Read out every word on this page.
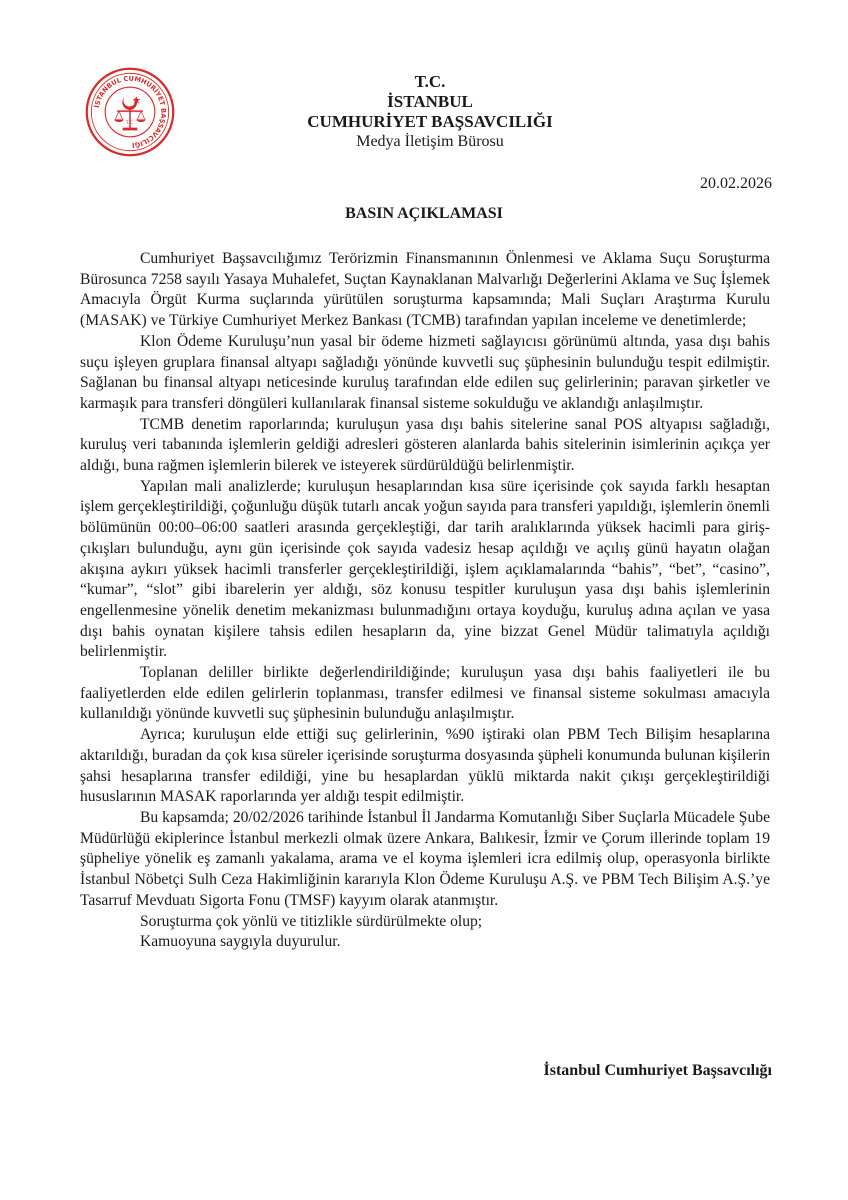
İSTANBUL CUMHURİYET BAŞSAVCILIĞI
T.C.
T.C.
İSTANBUL
CUMHURİYET BAŞSAVCILIĞI
Medya İletişim Bürosu
20.02.2026
BASIN AÇIKLAMASI

Cumhuriyet Başsavcılığımız Terörizmin Finansmanının Önlenmesi ve Aklama Suçu Soruşturma Bürosunca 7258 sayılı Yasaya Muhalefet, Suçtan Kaynaklanan Malvarlığı Değerlerini Aklama ve Suç İşlemek Amacıyla Örgüt Kurma suçlarında yürütülen soruşturma kapsamında; Mali Suçları Araştırma Kurulu (MASAK) ve Türkiye Cumhuriyet Merkez Bankası (TCMB) tarafından yapılan inceleme ve denetimlerde;

Klon Ödeme Kuruluşu’nun yasal bir ödeme hizmeti sağlayıcısı görünümü altında, yasa dışı bahis suçu işleyen gruplara finansal altyapı sağladığı yönünde kuvvetli suç şüphesinin bulunduğu tespit edilmiştir. Sağlanan bu finansal altyapı neticesinde kuruluş tarafından elde edilen suç gelirlerinin; paravan şirketler ve karmaşık para transferi döngüleri kullanılarak finansal sisteme sokulduğu ve aklandığı anlaşılmıştır.

TCMB denetim raporlarında; kuruluşun yasa dışı bahis sitelerine sanal POS altyapısı sağladığı, kuruluş veri tabanında işlemlerin geldiği adresleri gösteren alanlarda bahis sitelerinin isimlerinin açıkça yer aldığı, buna rağmen işlemlerin bilerek ve isteyerek sürdürüldüğü belirlenmiştir.

Yapılan mali analizlerde; kuruluşun hesaplarından kısa süre içerisinde çok sayıda farklı hesaptan işlem gerçekleştirildiği, çoğunluğu düşük tutarlı ancak yoğun sayıda para transferi yapıldığı, işlemlerin önemli bölümünün 00:00–06:00 saatleri arasında gerçekleştiği, dar tarih aralıklarında yüksek hacimli para giriş-çıkışları bulunduğu, aynı gün içerisinde çok sayıda vadesiz hesap açıldığı ve açılış günü hayatın olağan akışına aykırı yüksek hacimli transferler gerçekleştirildiği, işlem açıklamalarında “bahis”, “bet”, “casino”, “kumar”, “slot” gibi ibarelerin yer aldığı, söz konusu tespitler kuruluşun yasa dışı bahis işlemlerinin engellenmesine yönelik denetim mekanizması bulunmadığını ortaya koyduğu, kuruluş adına açılan ve yasa dışı bahis oynatan kişilere tahsis edilen hesapların da, yine bizzat Genel Müdür talimatıyla açıldığı belirlenmiştir.

Toplanan deliller birlikte değerlendirildiğinde; kuruluşun yasa dışı bahis faaliyetleri ile bu faaliyetlerden elde edilen gelirlerin toplanması, transfer edilmesi ve finansal sisteme sokulması amacıyla kullanıldığı yönünde kuvvetli suç şüphesinin bulunduğu anlaşılmıştır.

Ayrıca; kuruluşun elde ettiği suç gelirlerinin, %90 iştiraki olan PBM Tech Bilişim hesaplarına aktarıldığı, buradan da çok kısa süreler içerisinde soruşturma dosyasında şüpheli konumunda bulunan kişilerin şahsi hesaplarına transfer edildiği, yine bu hesaplardan yüklü miktarda nakit çıkışı gerçekleştirildiği hususlarının MASAK raporlarında yer aldığı tespit edilmiştir.

Bu kapsamda; 20/02/2026 tarihinde İstanbul İl Jandarma Komutanlığı Siber Suçlarla Mücadele Şube Müdürlüğü ekiplerince İstanbul merkezli olmak üzere Ankara, Balıkesir, İzmir ve Çorum illerinde toplam 19 şüpheliye yönelik eş zamanlı yakalama, arama ve el koyma işlemleri icra edilmiş olup, operasyonla birlikte İstanbul Nöbetçi Sulh Ceza Hakimliğinin kararıyla Klon Ödeme Kuruluşu A.Ş. ve PBM Tech Bilişim A.Ş.’ye Tasarruf Mevduatı Sigorta Fonu (TMSF) kayyım olarak atanmıştır.

Soruşturma çok yönlü ve titizlikle sürdürülmekte olup;

Kamuoyuna saygıyla duyurulur.

İstanbul Cumhuriyet Başsavcılığı
